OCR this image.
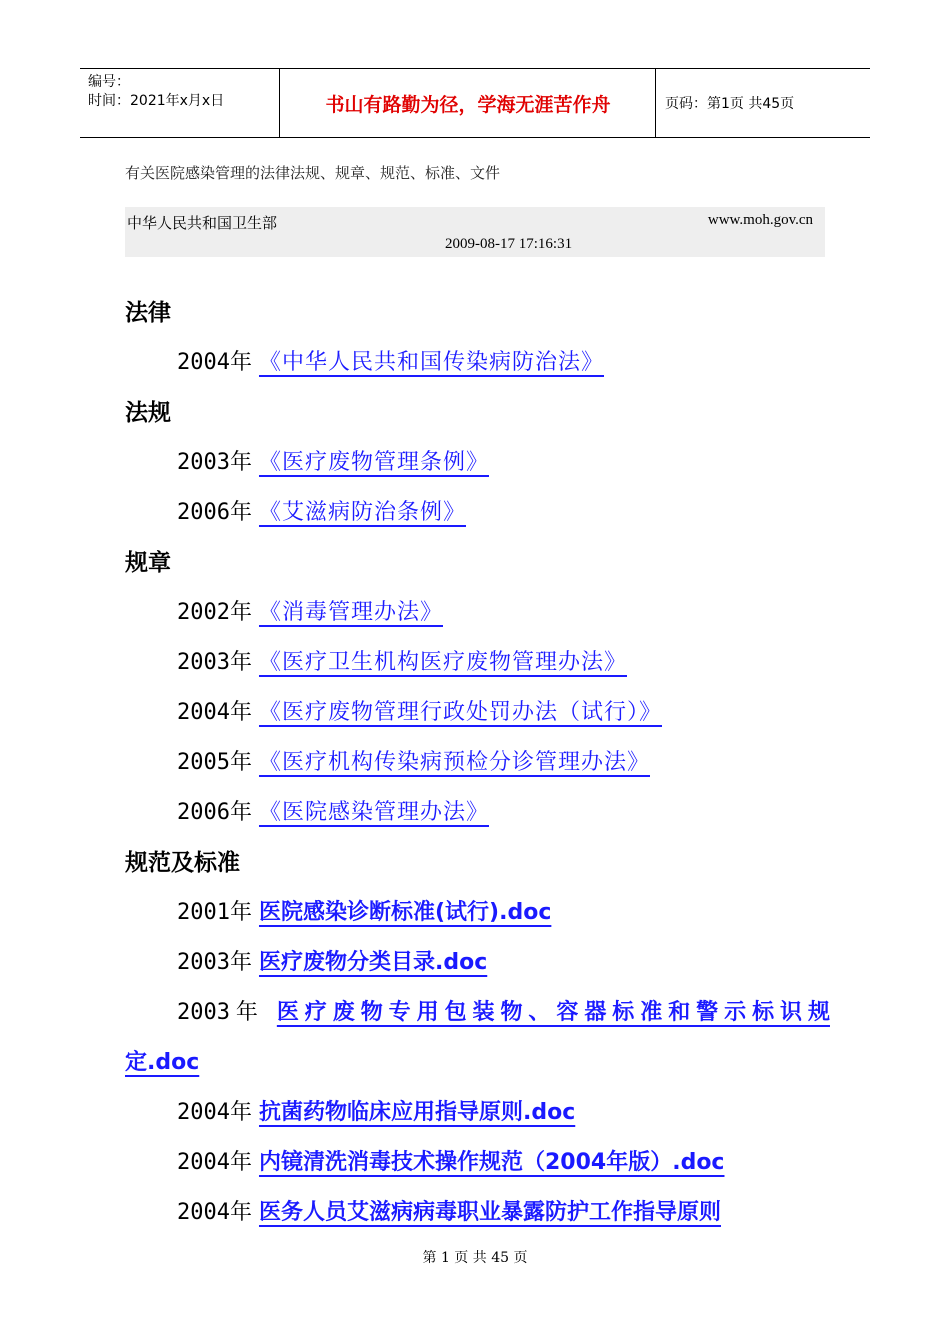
编号：
时间：2021年x月x日	书山有路勤为径，学海无涯苦作舟	页码：第1页 共45页
有关医院感染管理的法律法规、规章、规范、标准、文件
中华人民共和国卫生部	www.moh.gov.cn
2009-08-17 17:16:31
法律
2004年 《中华人民共和国传染病防治法》
法规
2003年 《医疗废物管理条例》
2006年 《艾滋病防治条例》
规章
2002年 《消毒管理办法》
2003年 《医疗卫生机构医疗废物管理办法》
2004年 《医疗废物管理行政处罚办法（试行）》
2005年 《医疗机构传染病预检分诊管理办法》
2006年 《医院感染管理办法》
规范及标准
2001年 医院感染诊断标准(试行).doc
2003年 医疗废物分类目录.doc
2003年 医疗废物专用包装物、容器标准和警示标识规
定.doc
2004年 抗菌药物临床应用指导原则.doc
2004年 内镜清洗消毒技术操作规范（2004年版）.doc
2004年 医务人员艾滋病病毒职业暴露防护工作指导原则
第 1 页 共 45 页
